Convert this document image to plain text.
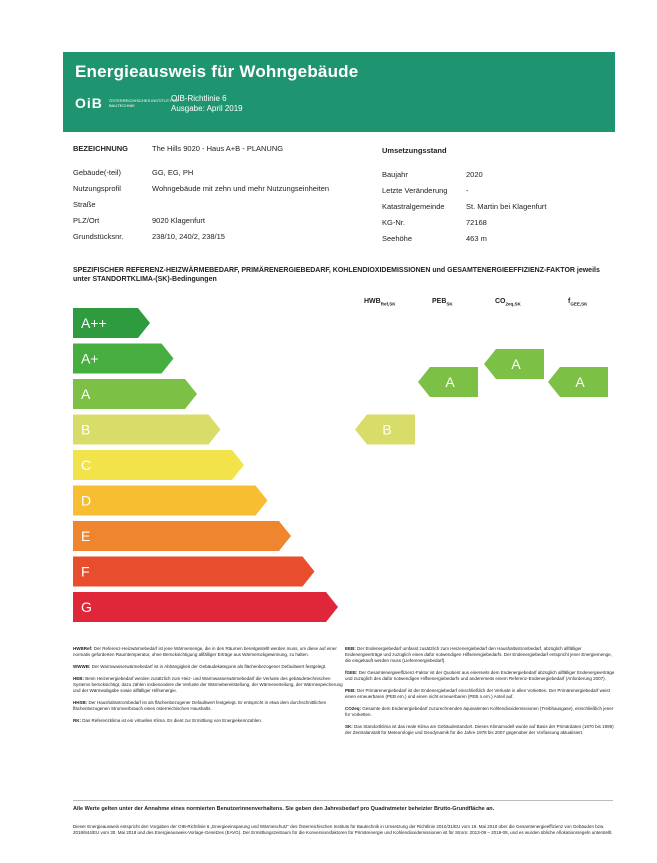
Energieausweis für Wohngebäude
OiB ÖSTERREICHISCHES INSTITUT FÜR BAUTECHNIK
OIB-Richtlinie 6
Ausgabe: April 2019
BEZEICHNUNG	The Hills 9020 - Haus A+B - PLANUNG	Umsetzungsstand
Gebäude(-teil)	GG, EG, PH
Nutzungsprofil	Wohngebäude mit zehn und mehr Nutzungseinheiten
Straße
PLZ/Ort	9020 Klagenfurt
Grundstücksnr.	238/10, 240/2, 238/15
Baujahr	2020
Letzte Veränderung -
Katastralgemeinde	St. Martin bei Klagenfurt
KG-Nr.	72168
Seehöhe	463 m
SPEZIFISCHER REFERENZ-HEIZWÄRMEBEDARF, PRIMÄRENERGIEBEDARF, KOHLENDIOXIDEMISSIONEN und GESAMTENERGIEEFFIZIENZ-FAKTOR jeweils unter STANDORTKLIMA-(SK)-Bedingungen
$HWB_{Ref,SK}$	$PEB_{SK}$	$CO_{2eq,SK}$	$f_{GEE,SK}$
A++
A+
A
B
C
D
E
F
G
B
A
A
A
HWBRef: Der Referenz-Heizwärmebedarf ist jene Wärmemenge, die in den Räumen bereitgestellt werden muss, um diese auf einer normativ geforderten Raumtemperatur, ohne Berücksichtigung allfälliger Erträge aus Wärmerückgewinnung, zu halten.
WWWB: Der Warmwasserwärmebedarf ist in Abhängigkeit der Gebäudekategorie als flächenbezogener Defaultwert festgelegt.
HEB: Beim Heizenergiebedarf werden zusätzlich zum Heiz- und Warmwasserwärmebedarf die Verluste des gebäudetechnischen Systems berücksichtigt, dazu zählen insbesondere die Verluste der Wärmebereitstellung, der Wärmeverteilung, der Wärmespeicherung und der Wärmeabgabe sowie allfälliger Hilfsenergie.
HHSB: Der Haushaltsstrombedarf ist als flächenbezogener Defaultwert festgelegt. Er entspricht in etwa dem durchschnittlichen flächenbezogenen Stromverbrauch eines österreichischen Haushalts.
RK: Das Referenzklima ist ein virtuelles Klima. Es dient zur Ermittlung von Energiekennzahlen.
EEB: Der Endenergiebedarf umfasst zusätzlich zum Heizenergiebedarf den Haushaltsstrombedarf, abzüglich allfälliger Endenergieerträge und zuzüglich eines dafür notwendigen Hilfsenergiebedarfs. Der Endenergiebedarf entspricht jener Energiemenge, die eingekauft werden muss (Lieferenergiebedarf).
fGEE: Der Gesamtenergieeffizienz-Faktor ist der Quotient aus einerseits dem Endenergiebedarf abzüglich allfälliger Endenergieerträge und zuzüglich des dafür notwendigen Hilfsenergiebedarfs und andererseits einem Referenz-Endenergiebedarf (Anforderung 2007).
PEB: Der Primärenergiebedarf ist der Endenergiebedarf einschließlich der Verluste in allen Vorketten. Der Primärenergiebedarf weist einen erneuerbaren (PEB ern.) und einen nicht erneuerbaren (PEB n.ern.) Anteil auf.
CO2eq: Gesamte dem Endenergiebedarf zuzurechnenden äquivalenten Kohlendioxidemissionen (Treibhausgase), einschließlich jener für Vorketten.
SK: Das Standortklima ist das reale Klima am Gebäudestandort. Dieses Klimamodell wurde auf Basis der Primärdaten (1970 bis 1999) der Zentralanstalt für Meteorologie und Geodynamik für die Jahre 1978 bis 2007 gegenüber der Vorfassung aktualisiert.
Alle Werte gelten unter der Annahme eines normierten Benutzerinnenverhaltens. Sie geben den Jahresbedarf pro Quadratmeter beheizter Brutto-Grundfläche an.
Dieser Energieausweis entspricht den Vorgaben der OIB-Richtlinie 6 „Energieeinsparung und Wärmeschutz“ des Österreichischen Instituts für Bautechnik in Umsetzung der Richtlinie 2010/31/EU vom 19. Mai 2010 über die Gesamtenergieeffizienz von Gebäuden bzw. 2018/844/EU vom 30. Mai 2018 und des Energieausweis-Vorlage-Gesetzes (EAVG). Der Ermittlungszeitraum für die Konversionsfaktoren für Primärenergie und Kohlendioxidemissionen ist für Strom: 2013-09 – 2018-08, und es wurden übliche Allokationsregeln unterstellt.
